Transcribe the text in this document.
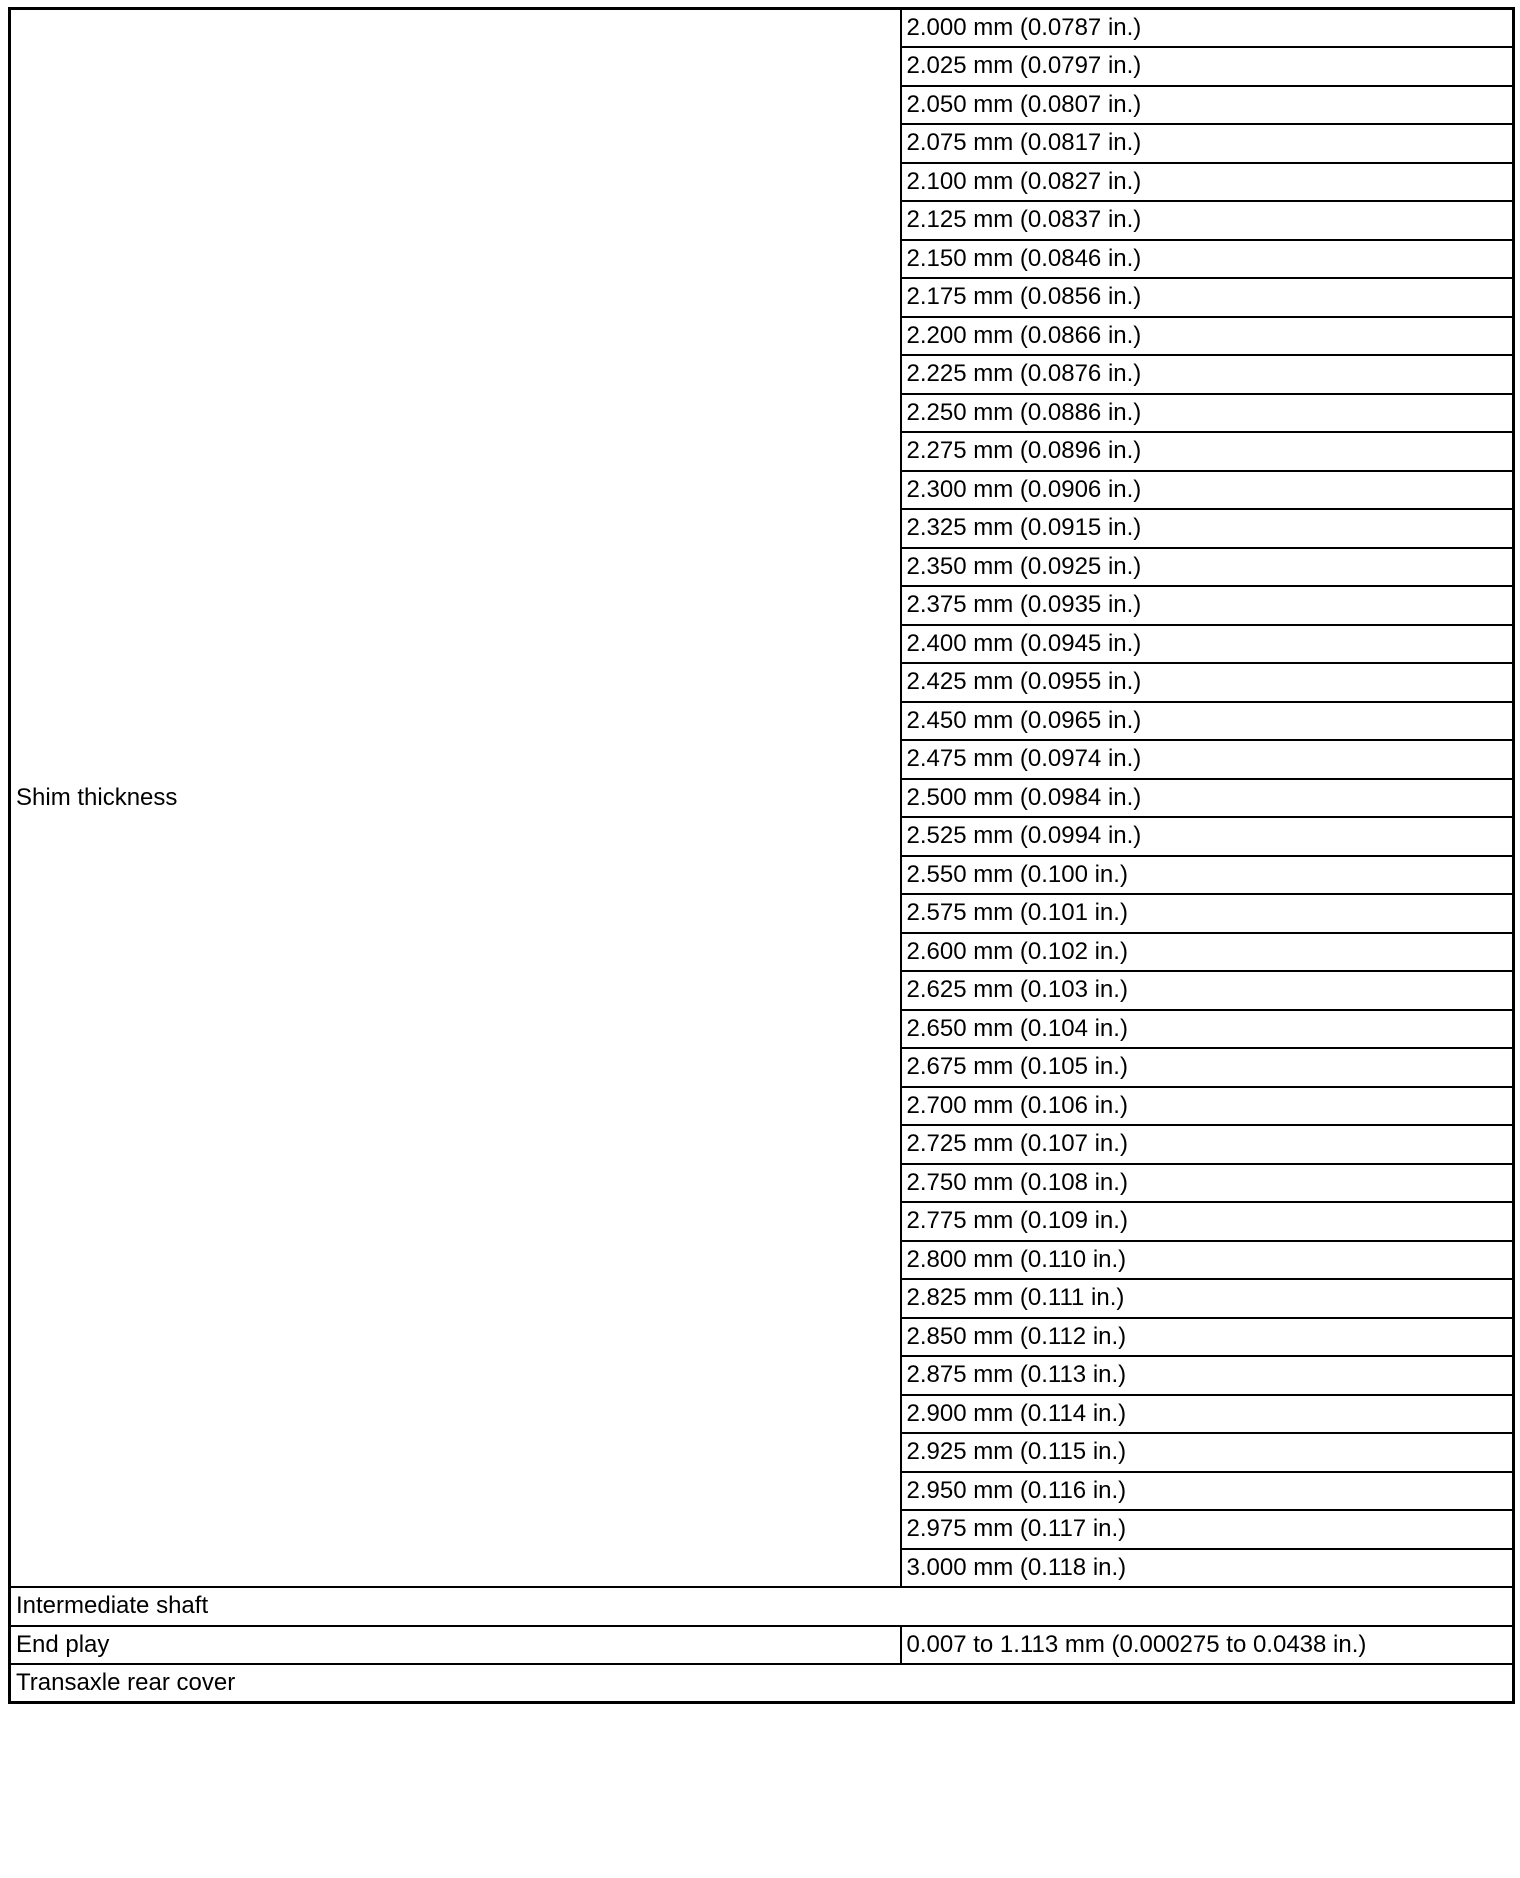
Shim thickness	2.000 mm (0.0787 in.)
	2.025 mm (0.0797 in.)
	2.050 mm (0.0807 in.)
	2.075 mm (0.0817 in.)
	2.100 mm (0.0827 in.)
	2.125 mm (0.0837 in.)
	2.150 mm (0.0846 in.)
	2.175 mm (0.0856 in.)
	2.200 mm (0.0866 in.)
	2.225 mm (0.0876 in.)
	2.250 mm (0.0886 in.)
	2.275 mm (0.0896 in.)
	2.300 mm (0.0906 in.)
	2.325 mm (0.0915 in.)
	2.350 mm (0.0925 in.)
	2.375 mm (0.0935 in.)
	2.400 mm (0.0945 in.)
	2.425 mm (0.0955 in.)
	2.450 mm (0.0965 in.)
	2.475 mm (0.0974 in.)
	2.500 mm (0.0984 in.)
	2.525 mm (0.0994 in.)
	2.550 mm (0.100 in.)
	2.575 mm (0.101 in.)
	2.600 mm (0.102 in.)
	2.625 mm (0.103 in.)
	2.650 mm (0.104 in.)
	2.675 mm (0.105 in.)
	2.700 mm (0.106 in.)
	2.725 mm (0.107 in.)
	2.750 mm (0.108 in.)
	2.775 mm (0.109 in.)
	2.800 mm (0.110 in.)
	2.825 mm (0.111 in.)
	2.850 mm (0.112 in.)
	2.875 mm (0.113 in.)
	2.900 mm (0.114 in.)
	2.925 mm (0.115 in.)
	2.950 mm (0.116 in.)
	2.975 mm (0.117 in.)
	3.000 mm (0.118 in.)
Intermediate shaft	
End play	0.007 to 1.113 mm (0.000275 to 0.0438 in.)
Transaxle rear cover	
